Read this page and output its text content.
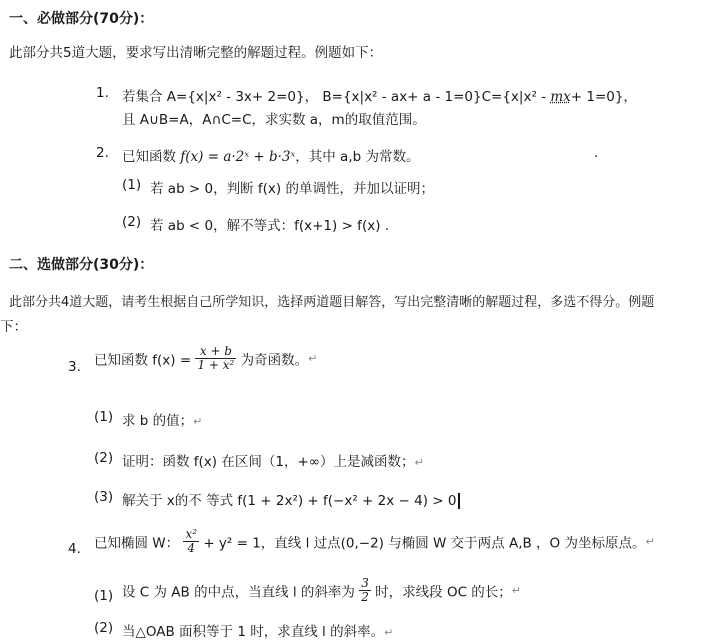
一、必做部分(70分)：
此部分共5道大题，要求写出清晰完整的解题过程。例题如下：
1. 若集合 A={x|x² - 3x+ 2=0}， B={x|x² - ax+ a - 1=0}C={x|x² - mx+ 1=0}，
且 A∪B=A，A∩C=C，求实数 a，m的取值范围。
2. 已知函数 f(x) = a·2ˣ + b·3ˣ，其中 a,b 为常数。	.
(1) 若 ab > 0，判断 f(x) 的单调性，并加以证明；
(2) 若 ab < 0，解不等式：f(x+1) > f(x) .
二、选做部分(30分)：
此部分共4道大题，请考生根据自己所学知识，选择两道题目解答，写出完整清晰的解题过程，多选不得分。例题
下：
3. 已知函数 $f(x) = \frac{x + b}{\text{1 + x²}}$ 为奇函数。↵
(1) 求 b 的值；↵
(2) 证明：函数 f(x) 在区间（1，+∞）上是减函数；↵
(3) 解关于 x的不 等式 f(1 + 2x²) + f(−x² + 2x − 4) > 0
4. 已知椭圆 W： $\frac{\text{x²}}{4} + y^2 = 1$，直线 l 过点(0,−2) 与椭圆 W 交于两点 A,B ，O 为坐标原点。↵
(1) 设 C 为 AB 的中点，当直线 l 的斜率为 $\frac{3}{2}$ 时，求线段 OC 的长；↵
(2) 当△OAB 面积等于 1 时，求直线 l 的斜率。↵
